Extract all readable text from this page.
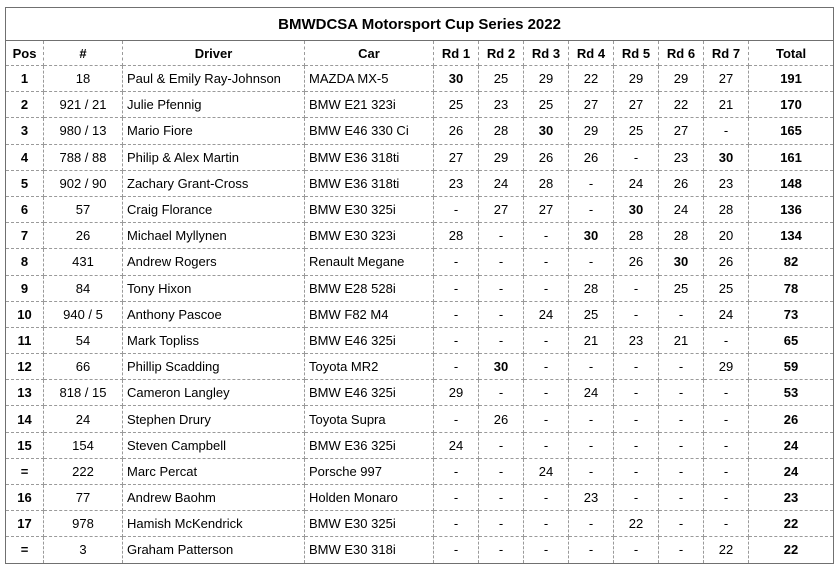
BMWDCSA Motorsport Cup Series 2022											
Pos	#	Driver	Car	Rd 1	Rd 2	Rd 3	Rd 4	Rd 5	Rd 6	Rd 7	Total
1	18	Paul & Emily Ray-Johnson	MAZDA MX-5	30	25	29	22	29	29	27	191
2	921 / 21	Julie Pfennig	BMW E21 323i	25	23	25	27	27	22	21	170
3	980 / 13	Mario Fiore	BMW E46 330 Ci	26	28	30	29	25	27	-	165
4	788 / 88	Philip & Alex Martin	BMW E36 318ti	27	29	26	26	-	23	30	161
5	902 / 90	Zachary Grant-Cross	BMW E36 318ti	23	24	28	-	24	26	23	148
6	57	Craig Florance	BMW E30 325i	-	27	27	-	30	24	28	136
7	26	Michael Myllynen	BMW E30 323i	28	-	-	30	28	28	20	134
8	431	Andrew Rogers	Renault Megane	-	-	-	-	26	30	26	82
9	84	Tony Hixon	BMW E28 528i	-	-	-	28	-	25	25	78
10	940 / 5	Anthony Pascoe	BMW F82 M4	-	-	24	25	-	-	24	73
11	54	Mark Topliss	BMW E46 325i	-	-	-	21	23	21	-	65
12	66	Phillip Scadding	Toyota MR2	-	30	-	-	-	-	29	59
13	818 / 15	Cameron Langley	BMW E46 325i	29	-	-	24	-	-	-	53
14	24	Stephen Drury	Toyota Supra	-	26	-	-	-	-	-	26
15	154	Steven Campbell	BMW E36 325i	24	-	-	-	-	-	-	24
=	222	Marc Percat	Porsche 997	-	-	24	-	-	-	-	24
16	77	Andrew Baohm	Holden Monaro	-	-	-	23	-	-	-	23
17	978	Hamish McKendrick	BMW E30 325i	-	-	-	-	22	-	-	22
=	3	Graham Patterson	BMW E30 318i	-	-	-	-	-	-	22	22
